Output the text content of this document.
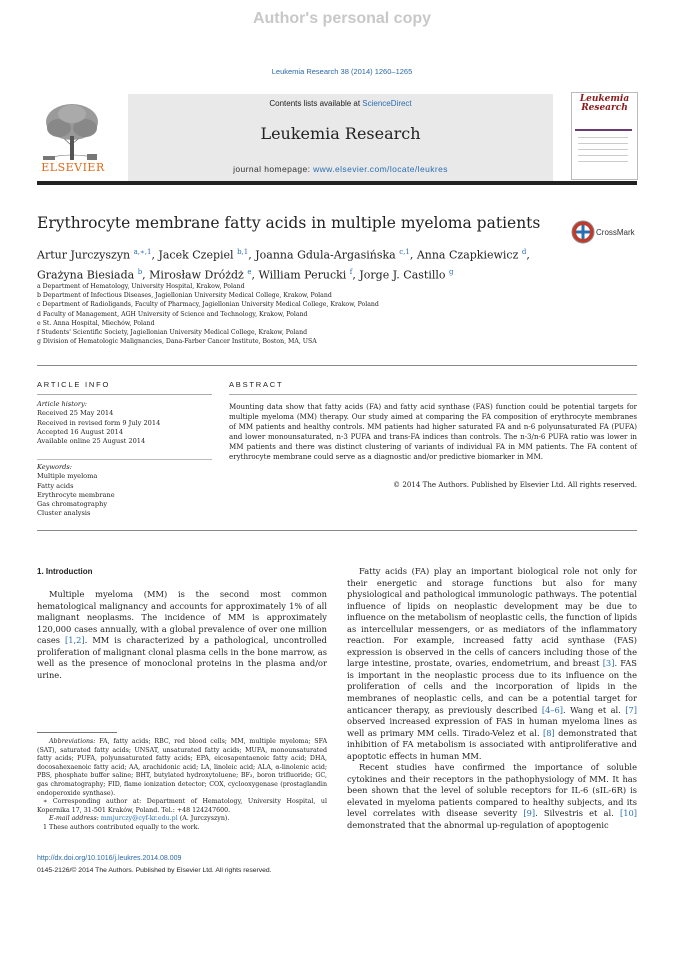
Author's personal copy
Leukemia Research 38 (2014) 1260–1265
ELSEVIER
Contents lists available at ScienceDirect
Leukemia Research
journal homepage: www.elsevier.com/locate/leukres
Leukemia
Research
Erythrocyte membrane fatty acids in multiple myeloma patients
CrossMark
Artur Jurczyszyn $^{a,∗,1}$, Jacek Czepiel $^{b,1}$, Joanna Gdula-Argasińska $^{c,1}$, Anna Czapkiewicz $^d$,
Grażyna Biesiada $^b$, Mirosław Dróżdż $^e$, William Perucki $^f$, Jorge J. Castillo $^g$
a Department of Hematology, University Hospital, Krakow, Poland
b Department of Infectious Diseases, Jagiellonian University Medical College, Krakow, Poland
c Department of Radioligands, Faculty of Pharmacy, Jagiellonian University Medical College, Krakow, Poland
d Faculty of Management, AGH University of Science and Technology, Krakow, Poland
e St. Anna Hospital, Miechów, Poland
f Students' Scientific Society, Jagiellonian University Medical College, Krakow, Poland
g Division of Hematologic Malignancies, Dana-Farber Cancer Institute, Boston, MA, USA
ARTICLE INFO
Article history:
Received 25 May 2014
Received in revised form 9 July 2014
Accepted 16 August 2014
Available online 25 August 2014
Keywords:
Multiple myeloma
Fatty acids
Erythrocyte membrane
Gas chromatography
Cluster analysis
ABSTRACT
Mounting data show that fatty acids (FA) and fatty acid synthase (FAS) function could be potential targets for multiple myeloma (MM) therapy. Our study aimed at comparing the FA composition of erythrocyte membranes of MM patients and healthy controls. MM patients had higher saturated FA and n-6 polyunsaturated FA (PUFA) and lower monounsaturated, n-3 PUFA and trans-FA indices than controls. The n-3/n-6 PUFA ratio was lower in MM patients and there was distinct clustering of variants of individual FA in MM patients. The FA content of erythrocyte membrane could serve as a diagnostic and/or predictive biomarker in MM.
© 2014 The Authors. Published by Elsevier Ltd. All rights reserved.
1. Introduction

Multiple myeloma (MM) is the second most common hematological malignancy and accounts for approximately 1% of all malignant neoplasms. The incidence of MM is approximately 120,000 cases annually, with a global prevalence of over one million cases [1,2]. MM is characterized by a pathological, uncontrolled proliferation of malignant clonal plasma cells in the bone marrow, as well as the presence of monoclonal proteins in the plasma and/or urine.

Fatty acids (FA) play an important biological role not only for their energetic and storage functions but also for many physiological and pathological immunologic pathways. The potential influence of lipids on neoplastic development may be due to influence on the metabolism of neoplastic cells, the function of lipids as intercellular messengers, or as mediators of the inflammatory reaction. For example, increased fatty acid synthase (FAS) expression is observed in the cells of cancers including those of the large intestine, prostate, ovaries, endometrium, and breast [3]. FAS is important in the neoplastic process due to its influence on the proliferation of cells and the incorporation of lipids in the membranes of neoplastic cells, and can be a potential target for anticancer therapy, as previously described [4–6]. Wang et al. [7] observed increased expression of FAS in human myeloma lines as well as primary MM cells. Tirado-Velez et al. [8] demonstrated that inhibition of FA metabolism is associated with antiproliferative and apoptotic effects in human MM.

Recent studies have confirmed the importance of soluble cytokines and their receptors in the pathophysiology of MM. It has been shown that the level of soluble receptors for IL-6 (sIL-6R) is elevated in myeloma patients compared to healthy subjects, and its level correlates with disease severity [9]. Silvestris et al. [10] demonstrated that the abnormal up-regulation of apoptogenic

Abbreviations: FA, fatty acids; RBC, red blood cells; MM, multiple myeloma; SFA (SAT), saturated fatty acids; UNSAT, unsaturated fatty acids; MUFA, monounsaturated fatty acids; PUFA, polyunsaturated fatty acids; EPA, eicosapentaenoic fatty acid; DHA, docosahexaenoic fatty acid; AA, arachidonic acid; LA, linoleic acid; ALA, α-linolenic acid; PBS, phosphate buffer saline; BHT, butylated hydroxytoluene; BF₃, boron trifluoride; GC, gas chromatography; FID, flame ionization detector; COX, cyclooxygenase (prostaglandin endoperoxide synthase).

∗ Corresponding author at: Department of Hematology, University Hospital, ul Kopernika 17, 31-501 Kraków, Poland. Tel.: +48 124247600.

E-mail address: mmjurczy@cyf-kr.edu.pl (A. Jurczyszyn).

1 These authors contributed equally to the work.

http://dx.doi.org/10.1016/j.leukres.2014.08.009
0145-2126/© 2014 The Authors. Published by Elsevier Ltd. All rights reserved.
